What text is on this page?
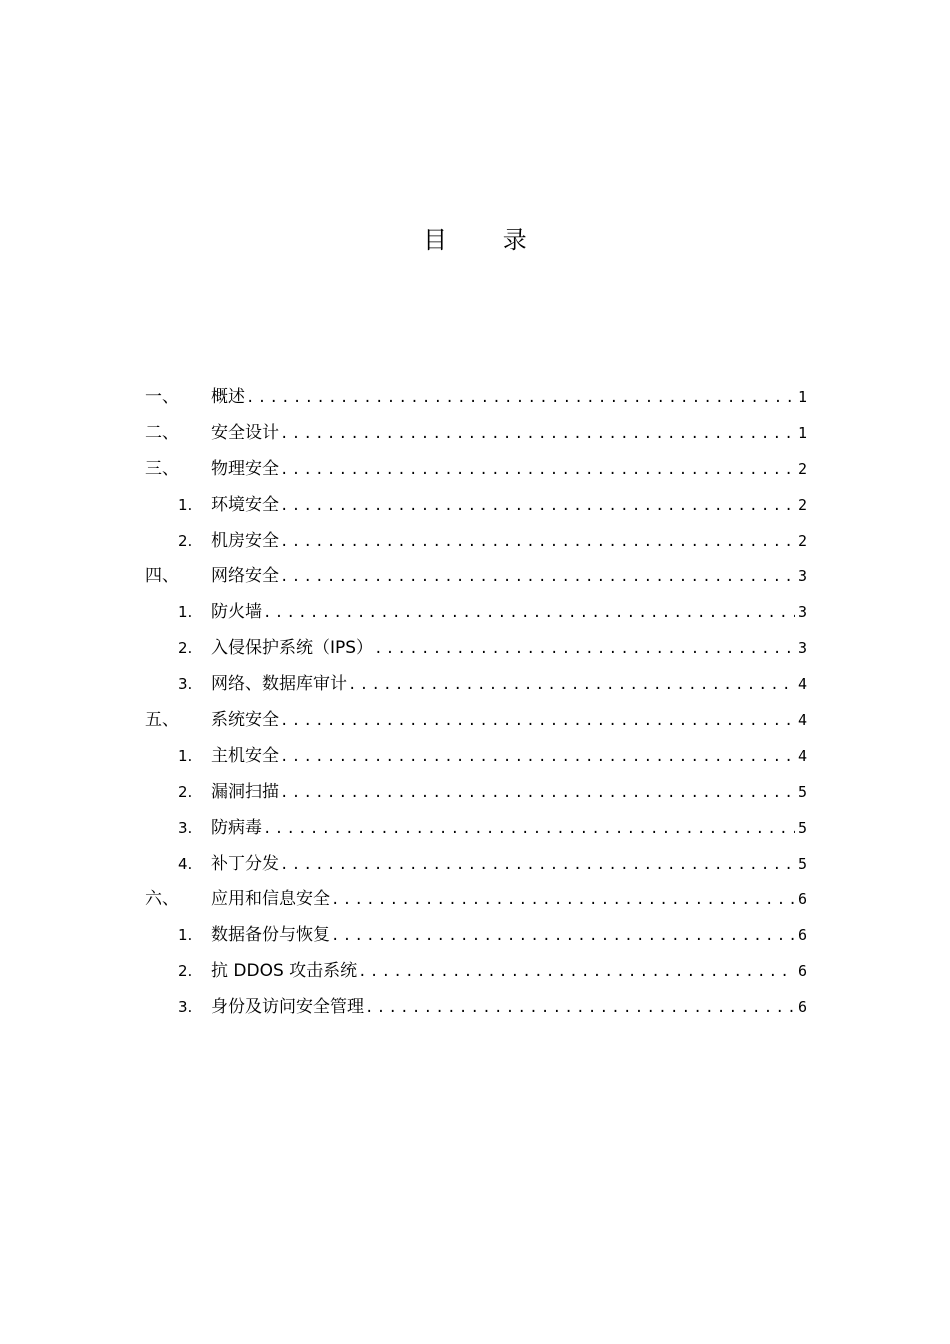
目 录
一、	概述 .....	1
二、	安全设计 .....	1
三、	物理安全 .....	2
1.	环境安全 .....	2
2.	机房安全 .....	2
四、	网络安全 .....	3
1.	防火墙 .....	3
2.	入侵保护系统（IPS） .....	3
3.	网络、数据库审计 .....	4
五、	系统安全 .....	4
1.	主机安全 .....	4
2.	漏洞扫描 .....	5
3.	防病毒 .....	5
4.	补丁分发 .....	5
六、	应用和信息安全 .....	6
1.	数据备份与恢复 .....	6
2.	抗 DDOS 攻击系统 .....	6
3.	身份及访问安全管理 .....	6
